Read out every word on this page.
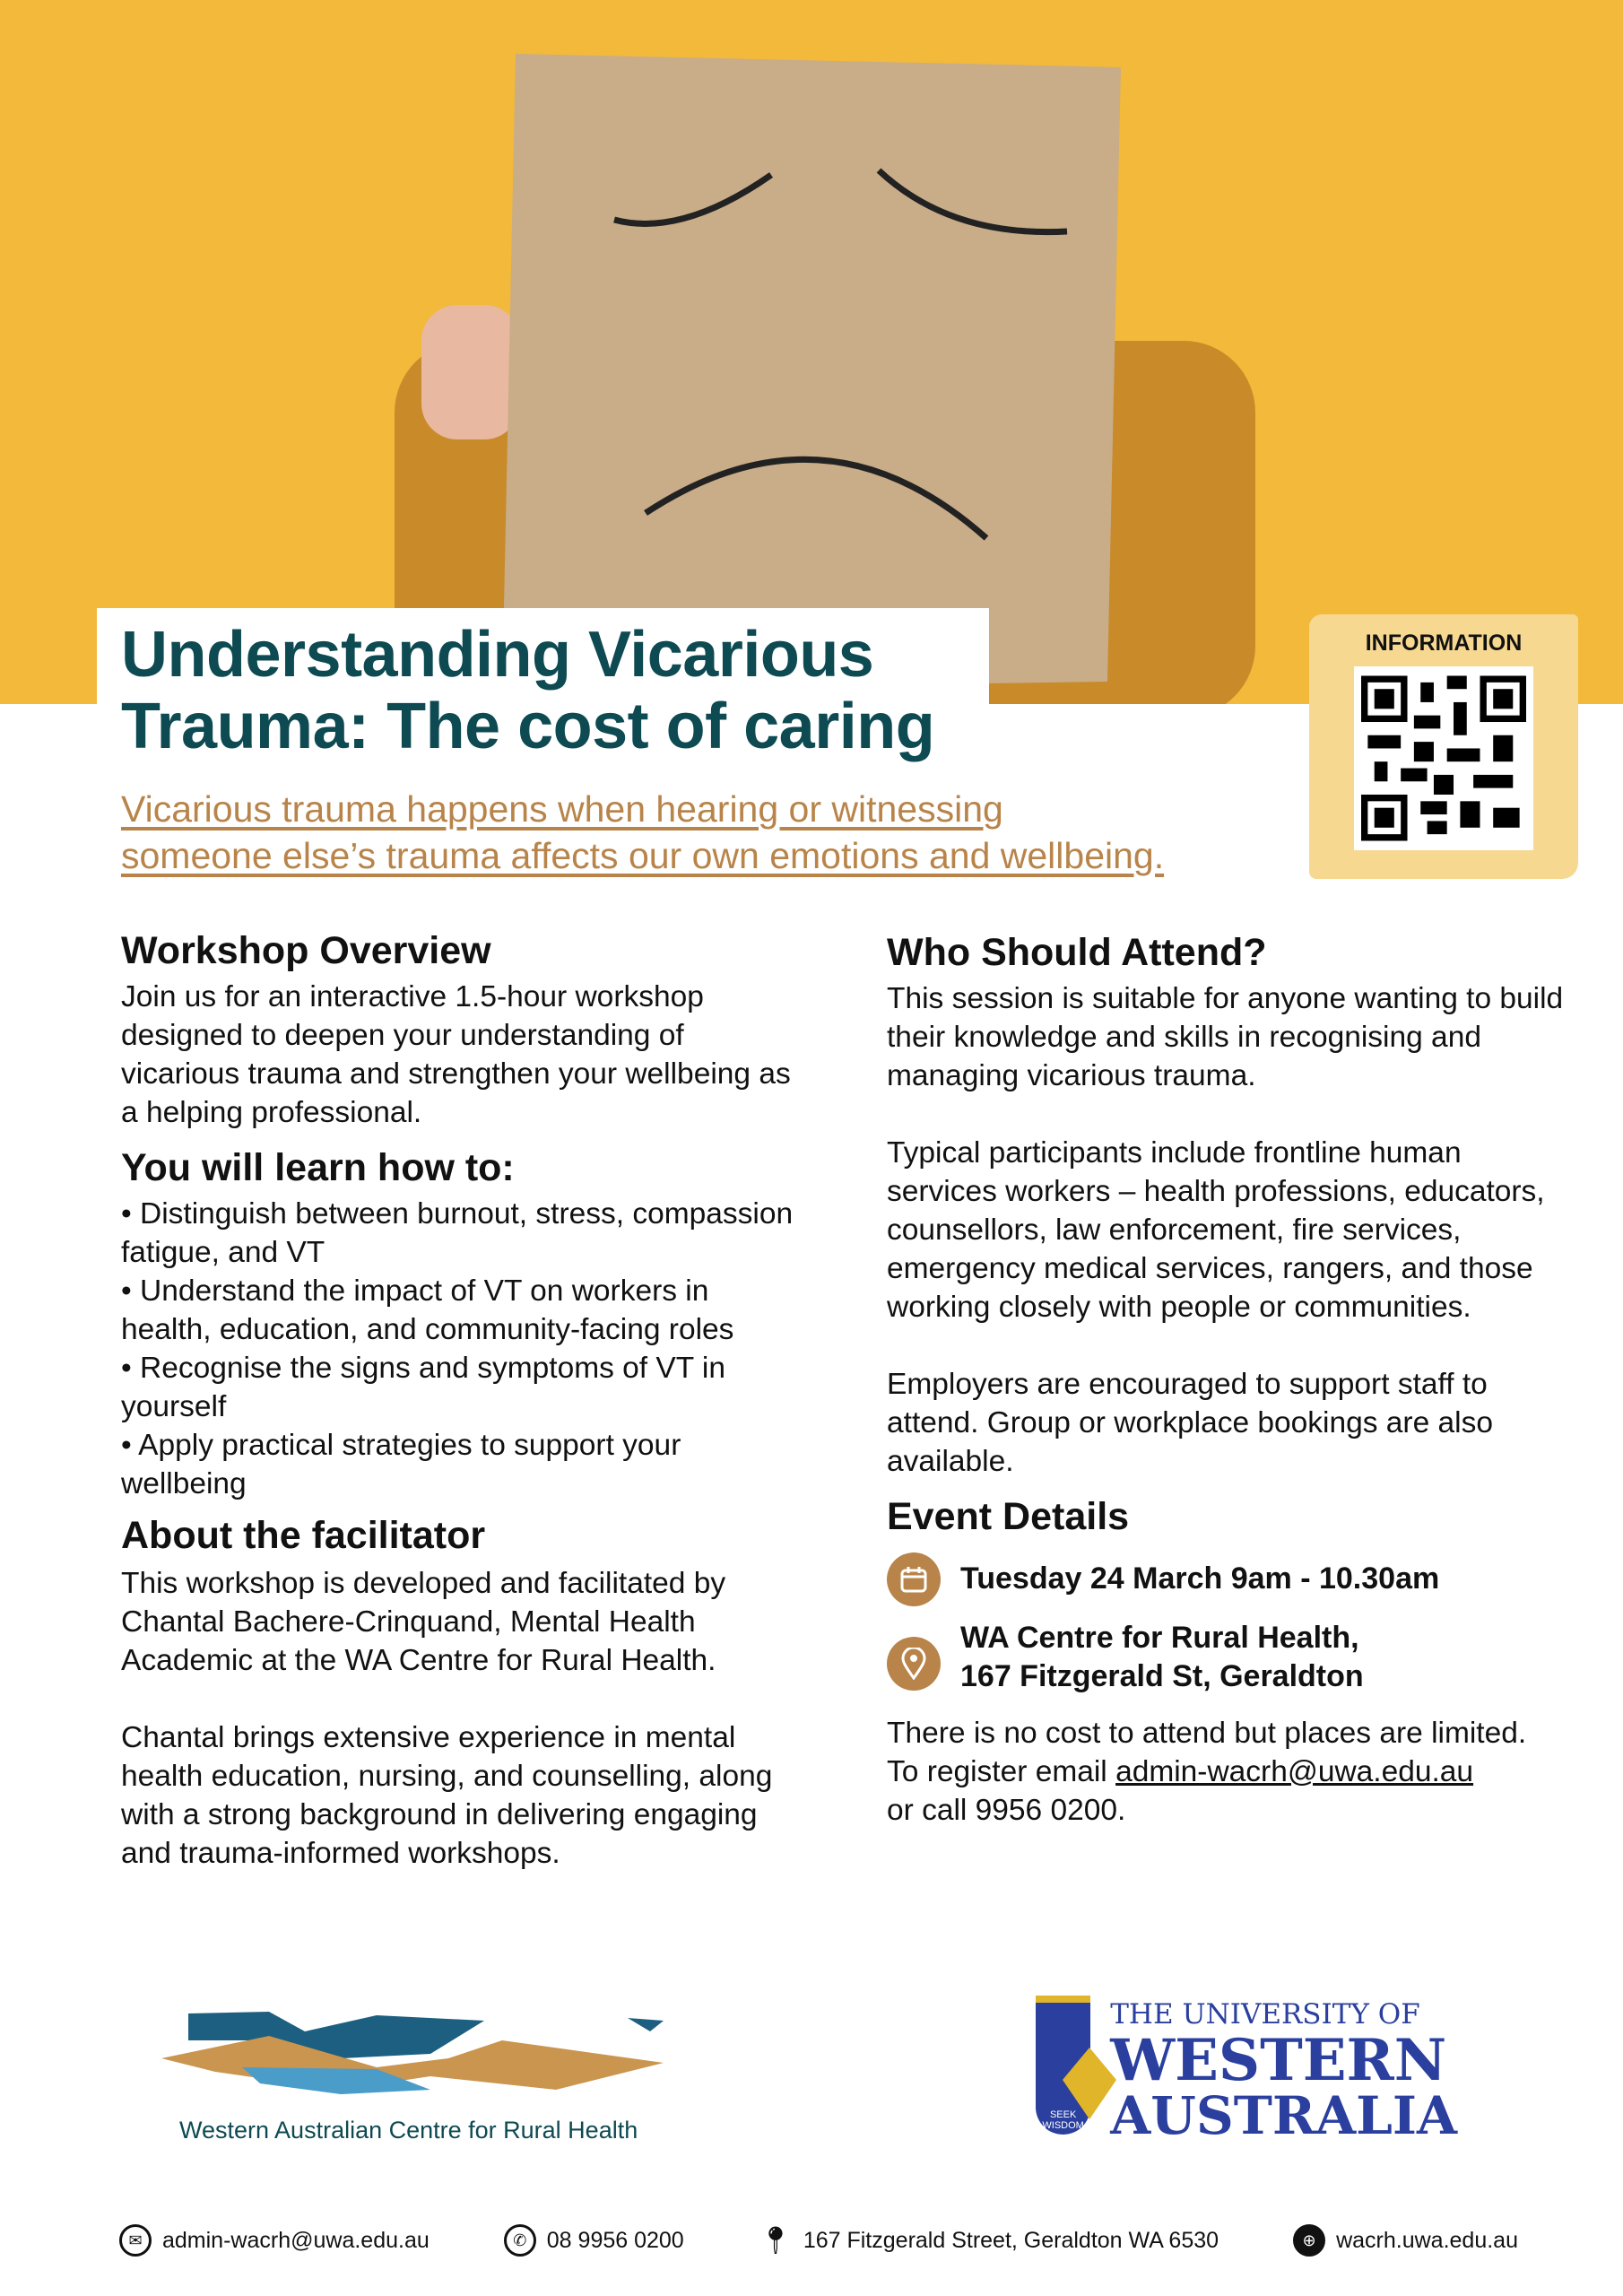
Understanding Vicarious
Trauma: The cost of caring
Vicarious trauma happens when hearing or witnessing
someone else’s trauma affects our own emotions and wellbeing.
INFORMATION
Workshop Overview

Join us for an interactive 1.5-hour workshop designed to deepen your understanding of vicarious trauma and strengthen your wellbeing as a helping professional.

You will learn how to:
• Distinguish between burnout, stress, compassion fatigue, and VT
• Understand the impact of VT on workers in health, education, and community-facing roles
• Recognise the signs and symptoms of VT in yourself
• Apply practical strategies to support your wellbeing
About the facilitator

This workshop is developed and facilitated by Chantal Bachere-Crinquand, Mental Health Academic at the WA Centre for Rural Health.

Chantal brings extensive experience in mental health education, nursing, and counselling, along with a strong background in delivering engaging and trauma-informed workshops.

Who Should Attend?

This session is suitable for anyone wanting to build their knowledge and skills in recognising and managing vicarious trauma.

Typical participants include frontline human services workers – health professions, educators, counsellors, law enforcement, fire services, emergency medical services, rangers, and those working closely with people or communities.

Employers are encouraged to support staff to attend. Group or workplace bookings are also available.

Event Details
Tuesday 24 March 9am - 10.30am
WA Centre for Rural Health,
167 Fitzgerald St, Geraldton

There is no cost to attend but places are limited.

To register email admin-wacrh@uwa.edu.au

or call 9956 0200.

Western Australian Centre for Rural Health
SEEK WISDOM
THE UNIVERSITY OF
WESTERN
AUSTRALIA
✉ admin-wacrh@uwa.edu.au	✆ 08 9956 0200	📍︎ 167 Fitzgerald Street, Geraldton WA 6530	⊕ wacrh.uwa.edu.au
